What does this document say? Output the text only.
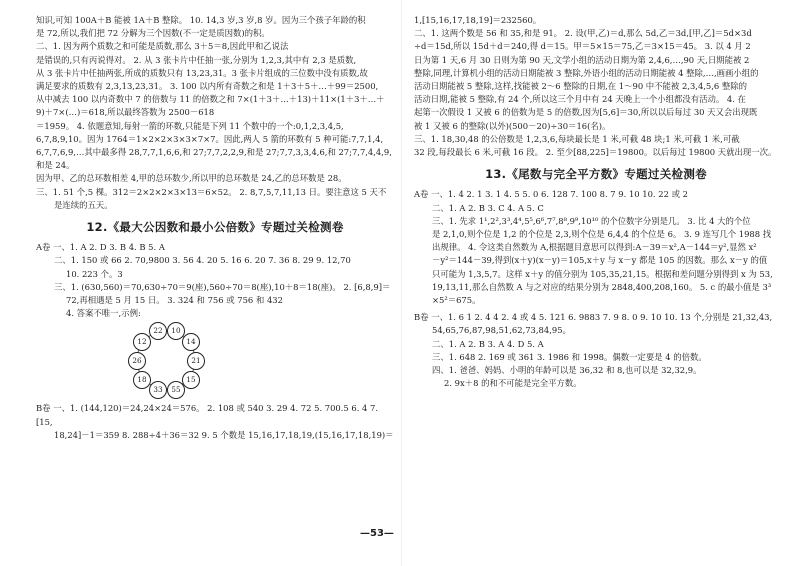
知识,可知 100A＋B 能被 1A＋B 整除。 10. 14,3 岁,3 岁,8 岁。因为三个孩子年龄的积

是 72,所以,我们把 72 分解为三个因数(不一定是质因数)的积。

二、1. 因为两个质数之和可能是质数,那么 3＋5＝8,因此甲和乙说法

是错误的,只有丙说得对。 2. 从 3 张卡片中任抽一张,分别为 1,2,3,其中有 2,3 是质数,

从 3 张卡片中任抽两张,所成的质数只有 13,23,31。3 张卡片组成的三位数中没有质数,故

满足要求的质数有 2,3,13,23,31。 3. 100 以内所有奇数之和是 1＋3＋5＋…＋99＝2500,

从中减去 100 以内奇数中 7 的倍数与 11 的倍数之和 7×(1＋3＋…＋13)＋11×(1＋3＋…＋

9)＋7×(…)＝618,所以最终答数为 2500－618

＝1959。 4. 依题意知,每射一箭的环数,只能是下列 11 个数中的一个:0,1,2,3,4,5,

6,7,8,9,10。因为 1764＝1×2×2×3×3×7×7。因此,两人 5 箭的环数有 5 种可能:7,7,1,4,

6,7,7,6,9,…其中最多得 28,7,7,1,6,6,和 27;7,7,2,2,9,和是 27;7,7,3,3,4,6,和 27;7,7,4,4,9,和是 24。

因为甲、乙的总环数相差 4,甲的总环数少,所以甲的总环数是 24,乙的总环数是 28。

三、1. 51 个,5 棵。312＝2×2×2×3×13＝6×52。 2. 8,7,5,7,11,13 日。要注意这 5 天不

是连续的五天。

12.《最大公因数和最小公倍数》专题过关检测卷

A卷 一、1. A 2. D 3. B 4. B 5. A

二、1. 150 或 66 2. 70,9800 3. 56 4. 20 5. 16 6. 20 7. 36 8. 29 9. 12,70

10. 223 个。3

三、1. (630,560)＝70,630÷70＝9(座),560÷70＝8(座),10＋8＝18(座)。 2. [6,8,9]＝

72,再相遇是 5 月 15 日。 3. 324 和 756 或 756 和 432

4. 答案不唯一,示例:

22	10
14
21
15
55
33
18
26
12

B卷 一、1. (144,120)＝24,24×24＝576。 2. 108 或 540 3. 29 4. 72 5. 700.5 6. 4 7. [15,

18,24]－1＝359 8. 288÷4＋36＝32 9. 5 个数是 15,16,17,18,19,(15,16,17,18,19)＝

1,[15,16,17,18,19]＝232560。

二、1. 这两个数是 56 和 35,和是 91。 2. 设(甲,乙)＝d,那么 5d,乙＝3d,[甲,乙]＝5d×3d

÷d＝15d,所以 15d＋d＝240,得 d＝15。甲＝5×15＝75,乙＝3×15＝45。 3. 以 4 月 2

日为第 1 天,6 月 30 日则为第 90 天,文学小组的活动日期为第 2,4,6,…,90 天,日期能被 2

整除,同理,计算机小组的活动日期能被 3 整除,外语小组的活动日期能被 4 整除,…,画画小组的

活动日期能被 5 整除,这样,找能被 2～6 整除的日期,在 1～90 中不能被 2,3,4,5,6 整除的

活动日期,能被 5 整除,有 24 个,所以这三个月中有 24 天晚上一个小组都没有活动。 4. 在

起第一次假设 1 又被 6 的倍数为是 5 的倍数,因为[5,6]＝30,所以以后每过 30 天又会出现既

被 1 又被 6 的整除(以外)(500－20)÷30＝16(名)。

三、1. 18,30,48 的公倍数是 1,2,3,6,每块最长是 1 米,可截 48 块;1 米,可截 1 米,可截

32 段,每段最长 6 米,可截 16 段。 2. 至少[88,225]＝19800。以后每过 19800 天就出现一次。

13.《尾数与完全平方数》专题过关检测卷

A卷 一、1. 4 2. 1 3. 1 4. 5 5. 0 6. 128 7. 100 8. 7 9. 10 10. 22 或 2

二、1. A 2. B 3. C 4. A 5. C

三、1. 先求 1¹,2²,3³,4⁴,5⁵,6⁶,7⁷,8⁸,9⁹,10¹⁰ 的个位数字分别是几。 3. 比 4 大的个位

是 2,1,0,则个位是 1,2 的个位是 2,3,则个位是 6,4,4 的个位是 6。 3. 9 连写几个 1988 找

出规律。 4. 令这类自然数为 A,根据题目意思可以得到:A－39＝x²,A－144＝y²,显然 x²

－y²＝144－39,得到(x＋y)(x－y)＝105,x＋y 与 x－y 都是 105 的因数。那么 x－y 的值

只可能为 1,3,5,7。这样 x＋y 的值分别为 105,35,21,15。根据和差问题分别得到 x 为 53,

19,13,11,那么自然数 A 与之对应的结果分别为 2848,400,208,160。 5. c 的最小值是 3³

×5²＝675。

B卷 一、1. 6 1 2. 4 4 2. 4 或 4 5. 121 6. 9883 7. 9 8. 0 9. 10 10. 13 个,分别是 21,32,43,

54,65,76,87,98,51,62,73,84,95。

二、1. A 2. B 3. A 4. D 5. A

三、1. 648 2. 169 或 361 3. 1986 和 1998。偶数一定要是 4 的倍数。

四、1. 爸爸、妈妈、小明的年龄可以是 36,32 和 8,也可以是 32,32,9。

2. 9x＋8 的和不可能是完全平方数。

—53—
